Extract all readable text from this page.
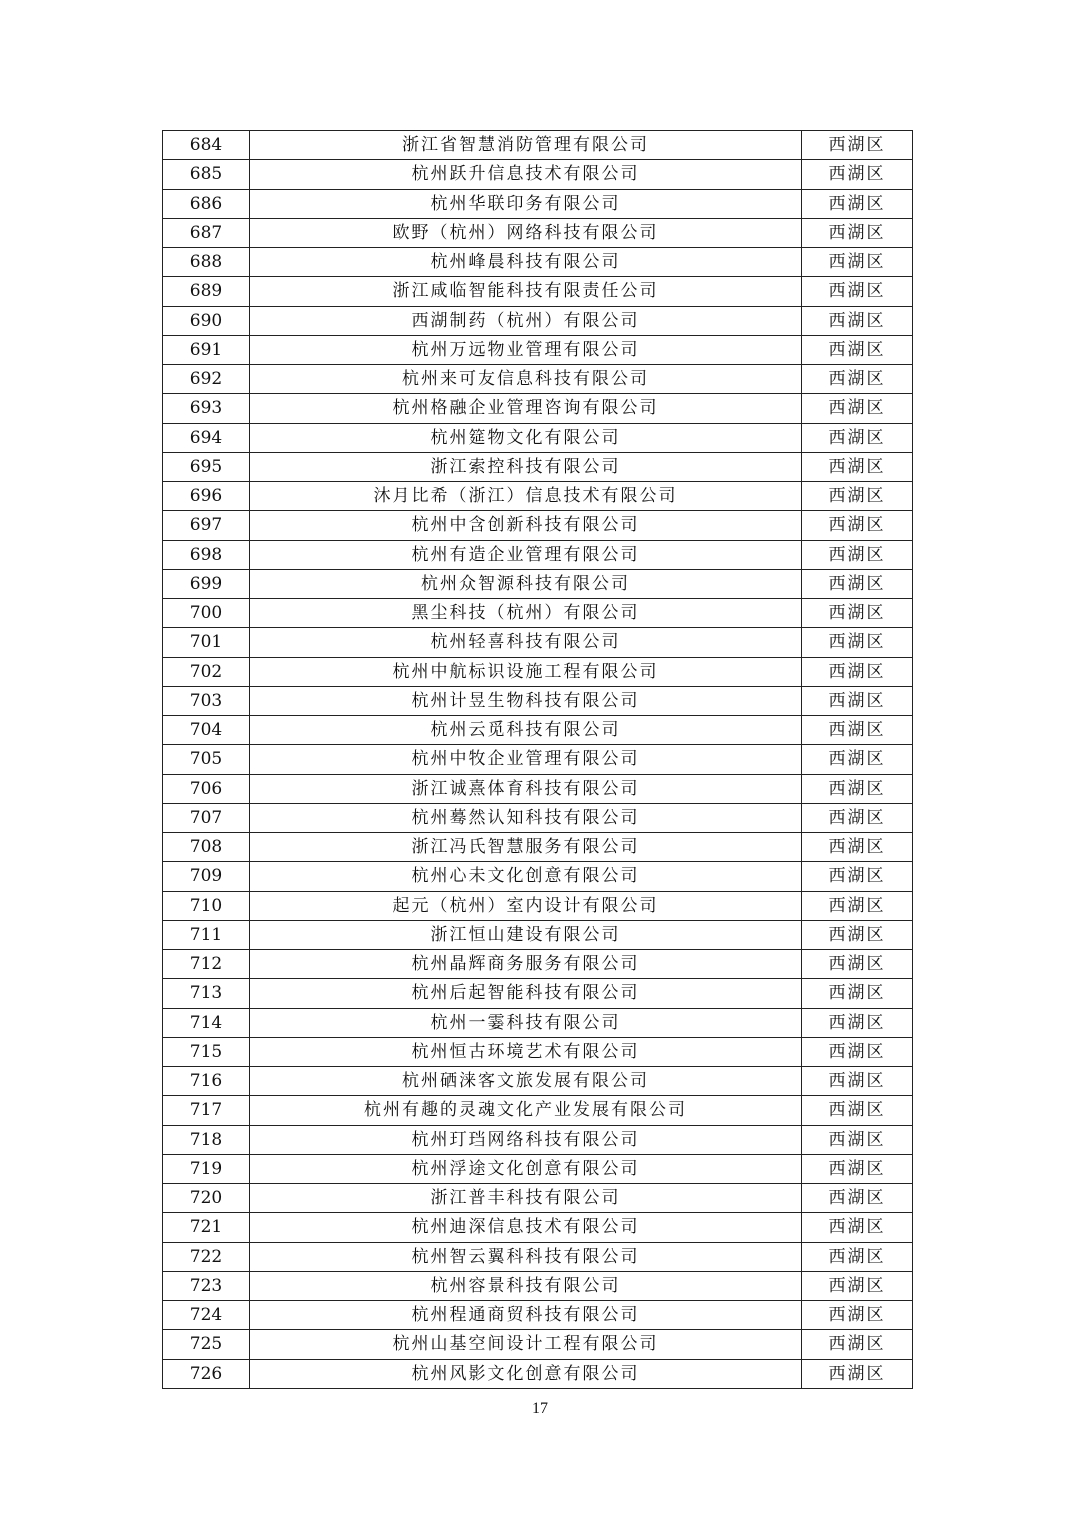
684	浙江省智慧消防管理有限公司	西湖区
685	杭州跃升信息技术有限公司	西湖区
686	杭州华联印务有限公司	西湖区
687	欧野（杭州）网络科技有限公司	西湖区
688	杭州峰晨科技有限公司	西湖区
689	浙江咸临智能科技有限责任公司	西湖区
690	西湖制药（杭州）有限公司	西湖区
691	杭州万远物业管理有限公司	西湖区
692	杭州来可友信息科技有限公司	西湖区
693	杭州格融企业管理咨询有限公司	西湖区
694	杭州筵物文化有限公司	西湖区
695	浙江索控科技有限公司	西湖区
696	沐月比希（浙江）信息技术有限公司	西湖区
697	杭州中含创新科技有限公司	西湖区
698	杭州有造企业管理有限公司	西湖区
699	杭州众智源科技有限公司	西湖区
700	黑尘科技（杭州）有限公司	西湖区
701	杭州轻喜科技有限公司	西湖区
702	杭州中航标识设施工程有限公司	西湖区
703	杭州计昱生物科技有限公司	西湖区
704	杭州云觅科技有限公司	西湖区
705	杭州中牧企业管理有限公司	西湖区
706	浙江诚熹体育科技有限公司	西湖区
707	杭州蓦然认知科技有限公司	西湖区
708	浙江冯氏智慧服务有限公司	西湖区
709	杭州心未文化创意有限公司	西湖区
710	起元（杭州）室内设计有限公司	西湖区
711	浙江恒山建设有限公司	西湖区
712	杭州晶辉商务服务有限公司	西湖区
713	杭州后起智能科技有限公司	西湖区
714	杭州一霎科技有限公司	西湖区
715	杭州恒古环境艺术有限公司	西湖区
716	杭州硒涞客文旅发展有限公司	西湖区
717	杭州有趣的灵魂文化产业发展有限公司	西湖区
718	杭州玎珰网络科技有限公司	西湖区
719	杭州浮途文化创意有限公司	西湖区
720	浙江普丰科技有限公司	西湖区
721	杭州迪深信息技术有限公司	西湖区
722	杭州智云翼科科技有限公司	西湖区
723	杭州容景科技有限公司	西湖区
724	杭州程通商贸科技有限公司	西湖区
725	杭州山基空间设计工程有限公司	西湖区
726	杭州风影文化创意有限公司	西湖区
17
